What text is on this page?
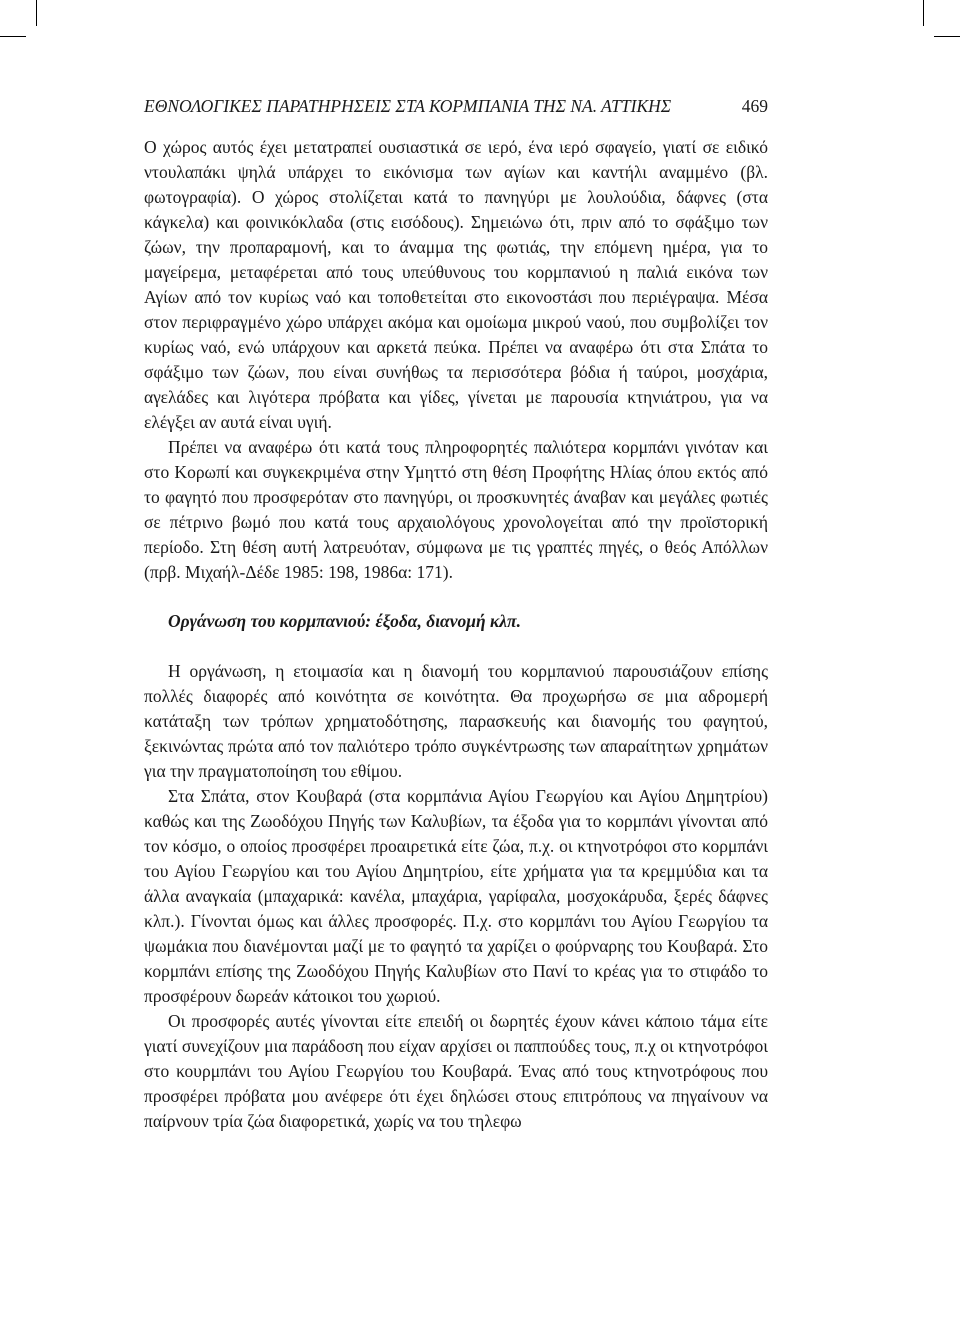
ΕΘΝΟΛΟΓΙΚΕΣ ΠΑΡΑΤΗΡΗΣΕΙΣ ΣΤΑ ΚΟΡΜΠΑΝΙΑ ΤΗΣ ΝΑ. ΑΤΤΙΚΗΣ	469

Ο χώρος αυτός έχει μετατραπεί ουσιαστικά σε ιερό, ένα ιερό σφαγείο, γιατί σε ειδικό ντουλαπάκι ψηλά υπάρχει το εικόνισμα των αγίων και καντήλι αναμμένο (βλ. φωτογραφία). Ο χώρος στολίζεται κατά το πανηγύρι με λουλούδια, δάφνες (στα κάγκελα) και φοινικόκλαδα (στις εισόδους). Σημειώνω ότι, πριν από το σφάξιμο των ζώων, την προπαραμονή, και το άναμμα της φωτιάς, την επόμενη ημέρα, για το μαγείρεμα, μεταφέρεται από τους υπεύθυνους του κορμπανιού η παλιά εικόνα των Αγίων από τον κυρίως ναό και τοποθετείται στο εικονοστάσι που περιέγραψα. Μέσα στον περιφραγμένο χώρο υπάρχει ακόμα και ομοίωμα μικρού ναού, που συμβολίζει τον κυρίως ναό, ενώ υπάρχουν και αρκετά πεύκα. Πρέπει να αναφέρω ότι στα Σπάτα το σφάξιμο των ζώων, που είναι συνήθως τα περισσότερα βόδια ή ταύροι, μοσχάρια, αγελάδες και λιγότερα πρόβατα και γίδες, γίνεται με παρουσία κτηνιάτρου, για να ελέγξει αν αυτά είναι υγιή.

Πρέπει να αναφέρω ότι κατά τους πληροφορητές παλιότερα κορμπάνι γινόταν και στο Κορωπί και συγκεκριμένα στην Υμηττό στη θέση Προφήτης Ηλίας όπου εκτός από το φαγητό που προσφερόταν στο πανηγύρι, οι προσκυνητές άναβαν και μεγάλες φωτιές σε πέτρινο βωμό που κατά τους αρχαιολόγους χρονολογείται από την προϊστορική περίοδο. Στη θέση αυτή λατρευόταν, σύμφωνα με τις γραπτές πηγές, ο θεός Απόλλων (πρβ. Μιχαήλ-Δέδε 1985: 198, 1986α: 171).

Οργάνωση του κορμπανιού: έξοδα, διανομή κλπ.

Η οργάνωση, η ετοιμασία και η διανομή του κορμπανιού παρουσιάζουν επίσης πολλές διαφορές από κοινότητα σε κοινότητα. Θα προχωρήσω σε μια αδρομερή κατάταξη των τρόπων χρηματοδότησης, παρασκευής και διανομής του φαγητού, ξεκινώντας πρώτα από τον παλιότερο τρόπο συγκέντρωσης των απαραίτητων χρημάτων για την πραγματοποίηση του εθίμου.

Στα Σπάτα, στον Κουβαρά (στα κορμπάνια Αγίου Γεωργίου και Αγίου Δημητρίου) καθώς και της Ζωοδόχου Πηγής των Καλυβίων, τα έξοδα για το κορμπάνι γίνονται από τον κόσμο, ο οποίος προσφέρει προαιρετικά είτε ζώα, π.χ. οι κτηνοτρόφοι στο κορμπάνι του Αγίου Γεωργίου και του Αγίου Δημητρίου, είτε χρήματα για τα κρεμμύδια και τα άλλα αναγκαία (μπαχαρικά: κανέλα, μπαχάρια, γαρίφαλα, μοσχοκάρυδα, ξερές δάφνες κλπ.). Γίνονται όμως και άλλες προσφορές. Π.χ. στο κορμπάνι του Αγίου Γεωργίου τα ψωμάκια που διανέμονται μαζί με το φαγητό τα χαρίζει ο φούρναρης του Κουβαρά. Στο κορμπάνι επίσης της Ζωοδόχου Πηγής Καλυβίων στο Πανί το κρέας για το στιφάδο το προσφέρουν δωρεάν κάτοικοι του χωριού.

Οι προσφορές αυτές γίνονται είτε επειδή οι δωρητές έχουν κάνει κάποιο τάμα είτε γιατί συνεχίζουν μια παράδοση που είχαν αρχίσει οι παππούδες τους, π.χ οι κτηνοτρόφοι στο κουρμπάνι του Αγίου Γεωργίου του Κουβαρά. Ένας από τους κτηνοτρόφους που προσφέρει πρόβατα μου ανέφερε ότι έχει δηλώσει στους επιτρόπους να πηγαίνουν να παίρνουν τρία ζώα διαφορετικά, χωρίς να του τηλεφω
